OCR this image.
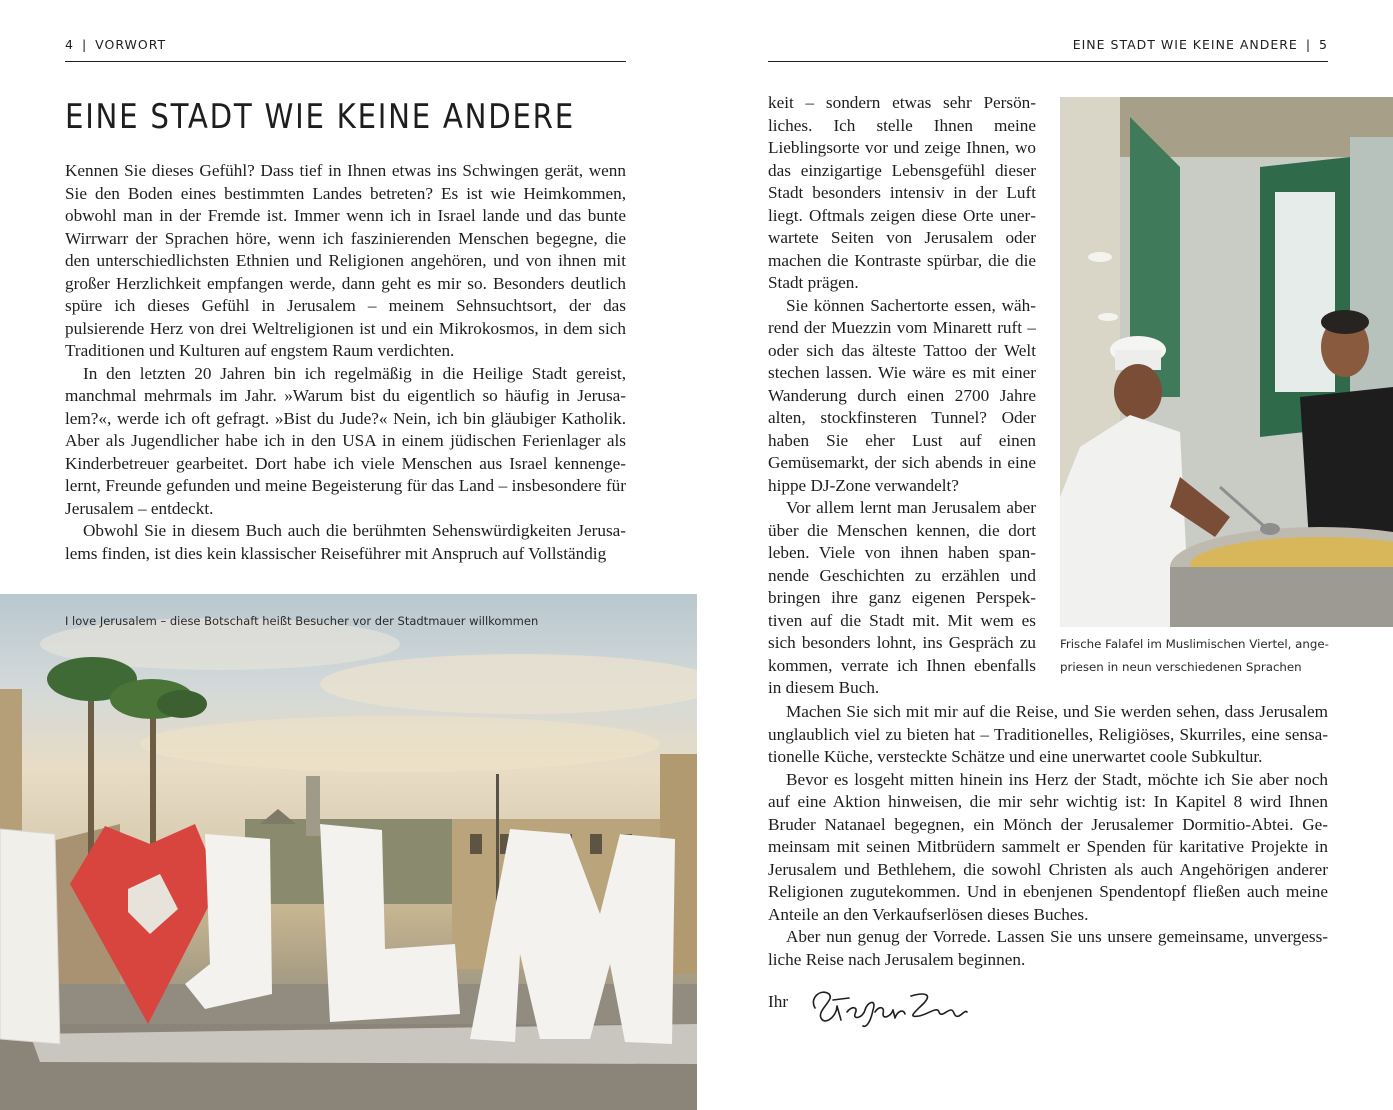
4 | VORWORT
EINE STADT WIE KEINE ANDERE

Kennen Sie dieses Gefühl? Dass tief in Ihnen etwas ins Schwingen gerät, wenn Sie den Boden eines bestimmten Landes betreten? Es ist wie Heimkommen, obwohl man in der Fremde ist. Immer wenn ich in Israel lande und das bunte Wirrwarr der Sprachen höre, wenn ich faszinierenden Menschen begegne, die den unterschiedlichsten Ethnien und Religionen angehören, und von ihnen mit großer Herzlichkeit empfangen werde, dann geht es mir so. Besonders deutlich spüre ich dieses Gefühl in Jerusalem – meinem Sehnsuchtsort, der das pulsierende Herz von drei Weltreligionen ist und ein Mikrokosmos, in dem sich Traditionen und Kulturen auf engstem Raum verdichten.

In den letzten 20 Jahren bin ich regelmäßig in die Heilige Stadt gereist, manchmal mehrmals im Jahr. »Warum bist du eigentlich so häufig in Jerusalem?«, werde ich oft gefragt. »Bist du Jude?« Nein, ich bin gläubiger Katholik. Aber als Jugendlicher habe ich in den USA in einem jüdischen Ferienlager als Kinderbetreuer gearbeitet. Dort habe ich viele Menschen aus Israel kennengelernt, Freunde gefunden und meine Begeisterung für das Land – insbesondere für Jerusalem – entdeckt.

Obwohl Sie in diesem Buch auch die berühmten Sehenswürdigkeiten Jerusalems finden, ist dies kein klassischer Reiseführer mit Anspruch auf Vollständig

I love Jerusalem – diese Botschaft heißt Besucher vor der Stadtmauer willkommen
EINE STADT WIE KEINE ANDERE | 5

keit – sondern etwas sehr Persönliches. Ich stelle Ihnen meine Lieblingsorte vor und zeige Ihnen, wo das einzigartige Lebensgefühl dieser Stadt besonders intensiv in der Luft liegt. Oftmals zeigen diese Orte unerwartete Seiten von Jerusalem oder machen die Kontraste spürbar, die die Stadt prägen.

Sie können Sachertorte essen, während der Muezzin vom Minarett ruft – oder sich das älteste Tattoo der Welt stechen lassen. Wie wäre es mit einer Wanderung durch einen 2700 Jahre alten, stockfinsteren Tunnel? Oder haben Sie eher Lust auf einen Gemüsemarkt, der sich abends in eine hippe DJ-Zone verwandelt?

Vor allem lernt man Jerusalem aber über die Menschen kennen, die dort leben. Viele von ihnen haben spannende Geschichten zu erzählen und bringen ihre ganz eigenen Perspektiven auf die Stadt mit. Mit wem es sich besonders lohnt, ins Gespräch zu kommen, verrate ich Ihnen ebenfalls in diesem Buch.

Frische Falafel im Muslimischen Viertel, ange-
priesen in neun verschiedenen Sprachen

Machen Sie sich mit mir auf die Reise, und Sie werden sehen, dass Jerusalem unglaublich viel zu bieten hat – Traditionelles, Religiöses, Skurriles, eine sensationelle Küche, versteckte Schätze und eine unerwartet coole Subkultur.

Bevor es losgeht mitten hinein ins Herz der Stadt, möchte ich Sie aber noch auf eine Aktion hinweisen, die mir sehr wichtig ist: In Kapitel 8 wird Ihnen Bruder Natanael begegnen, ein Mönch der Jerusalemer Dormitio-Abtei. Gemeinsam mit seinen Mitbrüdern sammelt er Spenden für karitative Projekte in Jerusalem und Bethlehem, die sowohl Christen als auch Angehörigen anderer Religionen zugutekommen. Und in ebenjenen Spendentopf fließen auch meine Anteile an den Verkaufserlösen dieses Buches.

Aber nun genug der Vorrede. Lassen Sie uns unsere gemeinsame, unvergessliche Reise nach Jerusalem beginnen.

Ihr
